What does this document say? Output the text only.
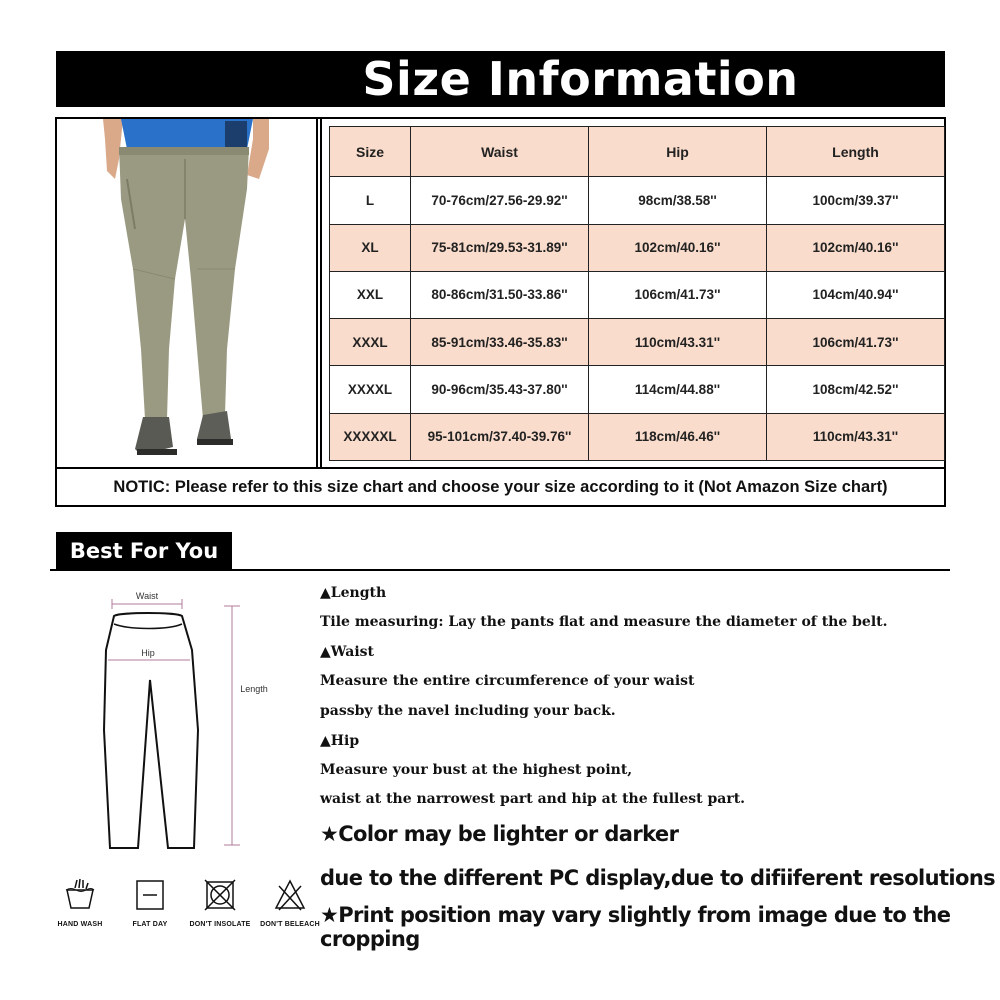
Size Information
Size	Waist	Hip	Length
L	70-76cm/27.56-29.92''	98cm/38.58''	100cm/39.37''
XL	75-81cm/29.53-31.89''	102cm/40.16''	102cm/40.16''
XXL	80-86cm/31.50-33.86''	106cm/41.73''	104cm/40.94''
XXXL	85-91cm/33.46-35.83''	110cm/43.31''	106cm/41.73''
XXXXL	90-96cm/35.43-37.80''	114cm/44.88''	108cm/42.52''
XXXXXL	95-101cm/37.40-39.76''	118cm/46.46''	110cm/43.31''
NOTIC: Please refer to this size chart and choose your size according to it (Not Amazon Size chart)
Best For You
Waist
Hip
Length
HAND WASH	FLAT DAY	DON'T INSOLATE	DON'T BELEACH
▲Length
Tile measuring: Lay the pants flat and measure the diameter of the belt.
▲Waist
Measure the entire circumference of your waist
passby the navel including your back.
▲Hip
Measure your bust at the highest point,
waist at the narrowest part and hip at the fullest part.
★Color may be lighter or darker
due to the different PC display,due to difiiferent resolutions
★Print position may vary slightly from image due to the cropping
